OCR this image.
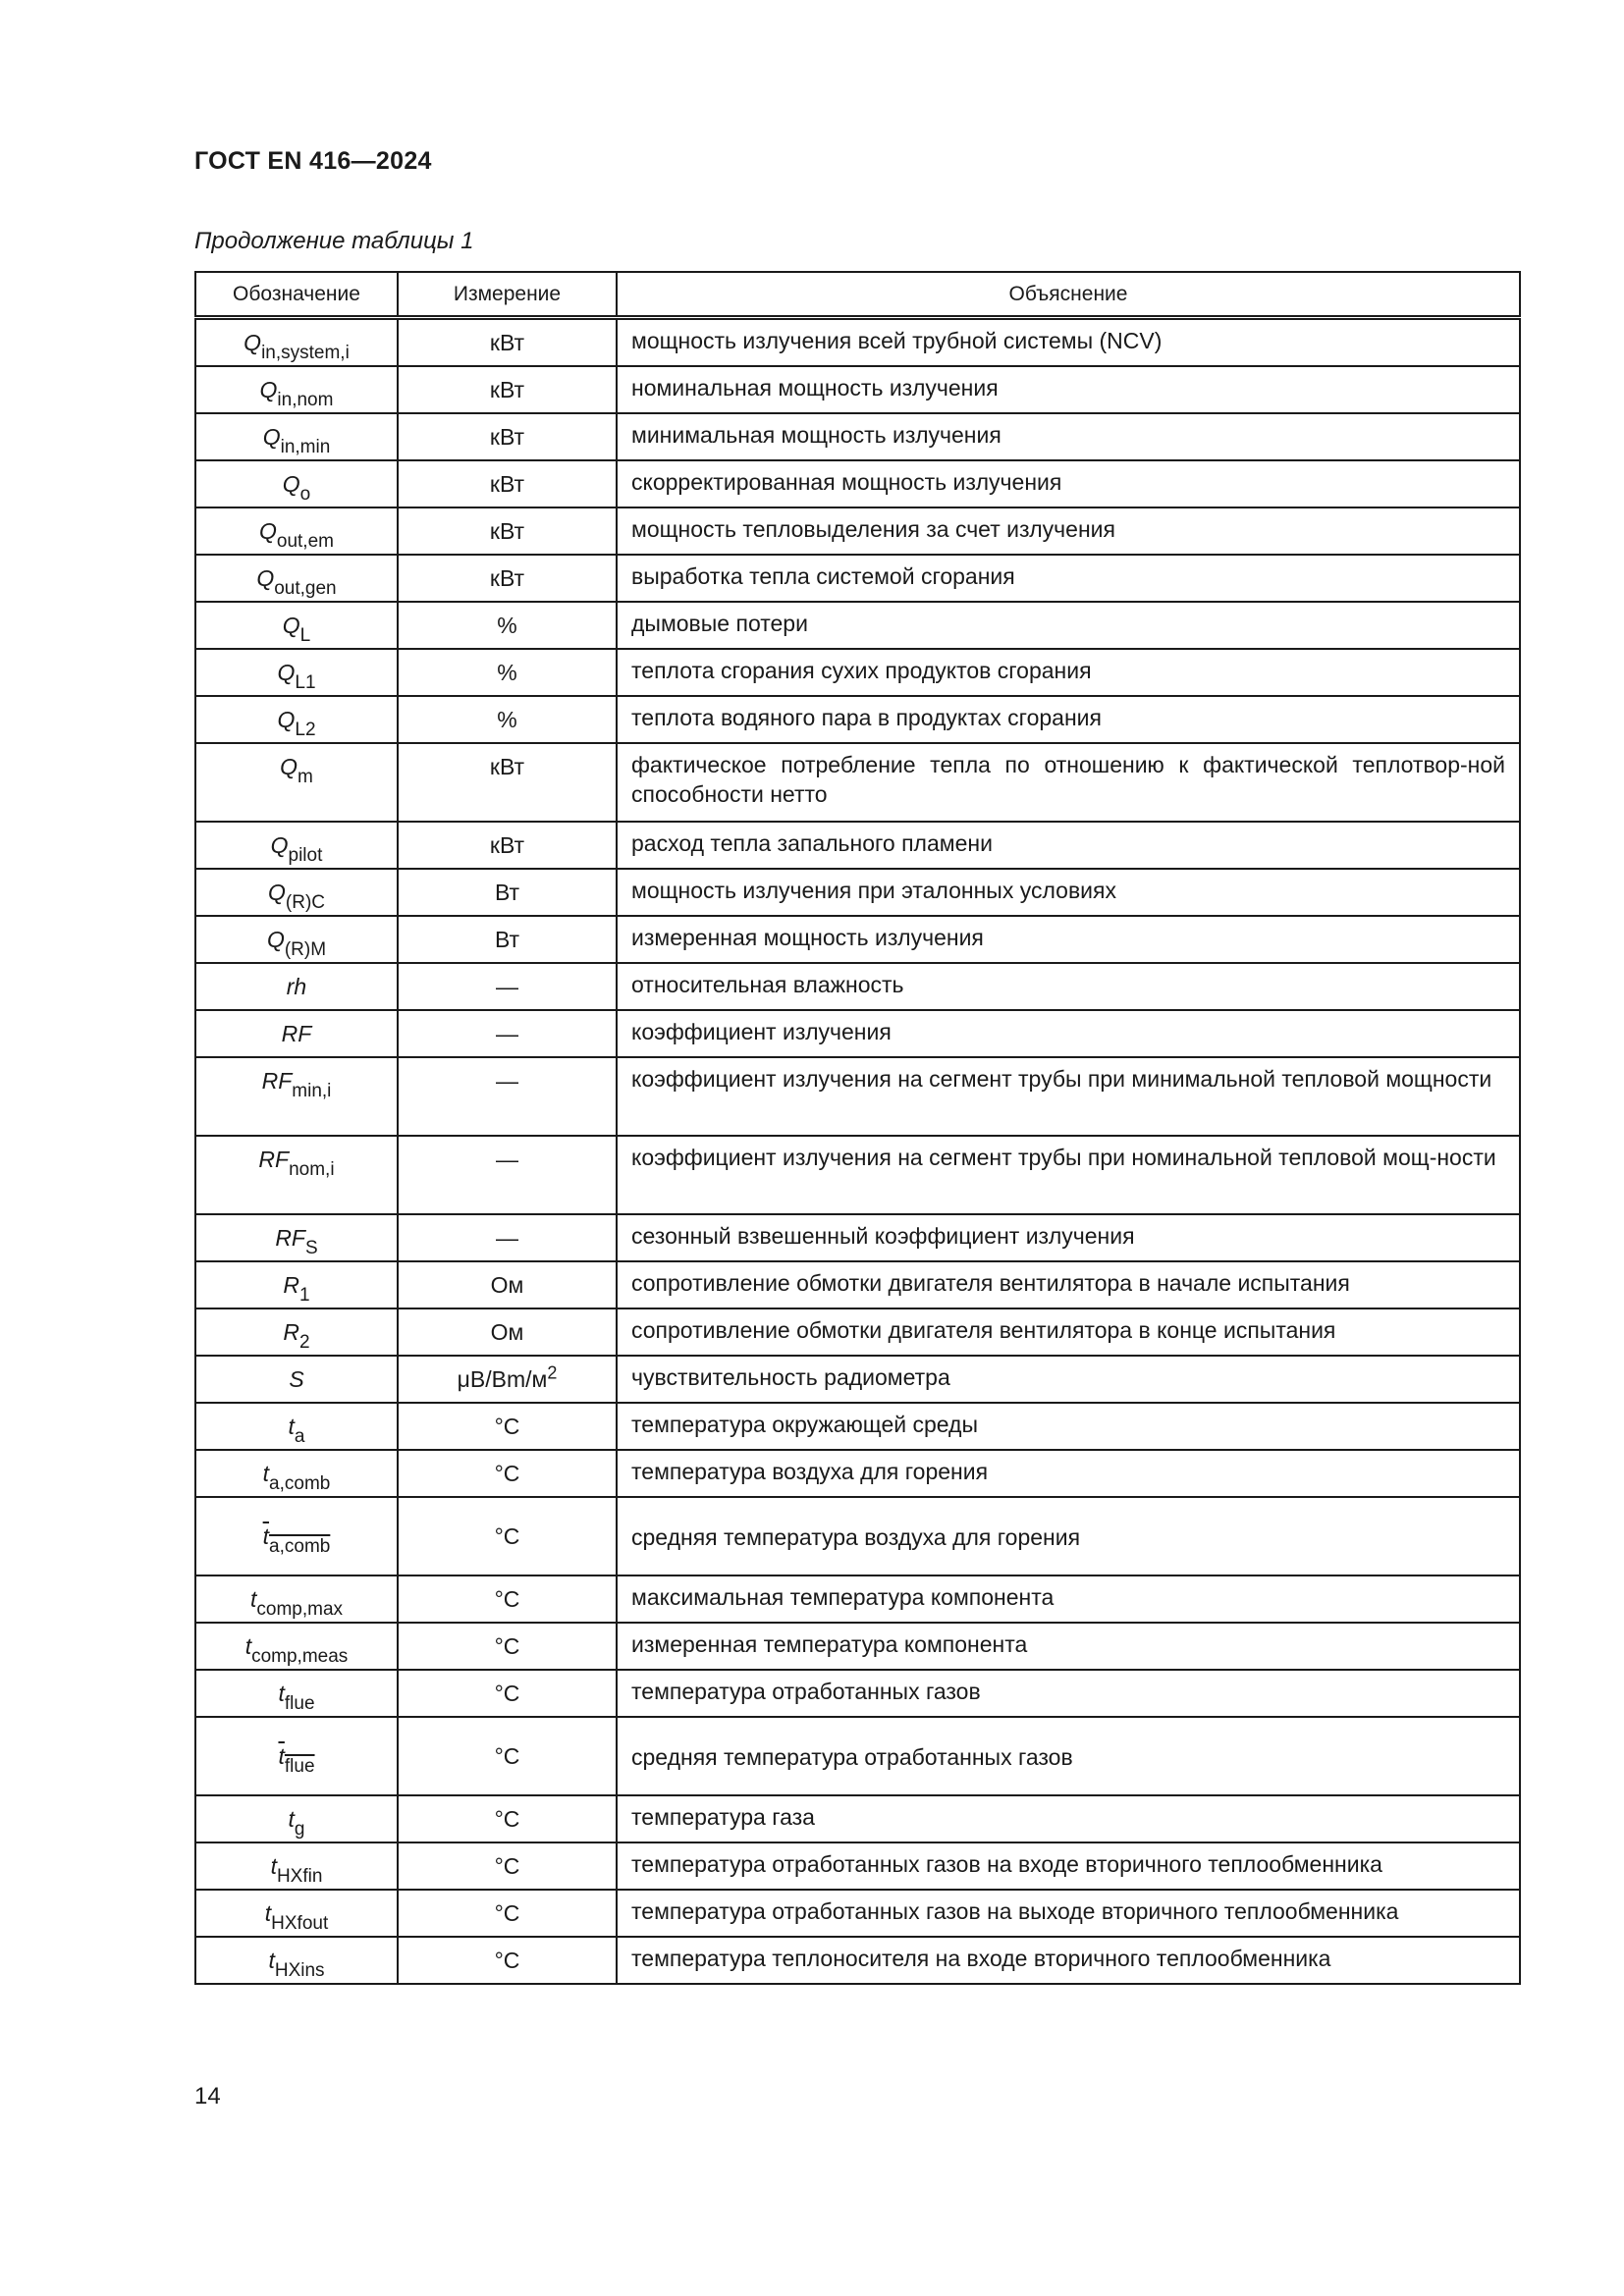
ГОСТ EN 416—2024
Продолжение таблицы 1
Обозначение	Измерение	Объяснение
$Q_{in,system,i}$	кВт	мощность излучения всей трубной системы (NCV)
$Q_{in,nom}$	кВт	номинальная мощность излучения
$Q_{in,min}$	кВт	минимальная мощность излучения
$Q_o$	кВт	скорректированная мощность излучения
$Q_{out,em}$	кВт	мощность тепловыделения за счет излучения
$Q_{out,gen}$	кВт	выработка тепла системой сгорания
$Q_L$	%	дымовые потери
$Q_{L1}$	%	теплота сгорания сухих продуктов сгорания
$Q_{L2}$	%	теплота водяного пара в продуктах сгорания
$Q_m$	кВт	фактическое потребление тепла по отношению к фактической теплотвор-ной способности нетто
$Q_{pilot}$	кВт	расход тепла запального пламени
$Q_{(R)C}$	Вт	мощность излучения при эталонных условиях
$Q_{(R)M}$	Вт	измеренная мощность излучения
rh	—	относительная влажность
RF	—	коэффициент излучения
$RF_{min,i}$	—	коэффициент излучения на сегмент трубы при минимальной тепловой мощности
$RF_{nom,i}$	—	коэффициент излучения на сегмент трубы при номинальной тепловой мощ-ности
$RF_S$	—	сезонный взвешенный коэффициент излучения
$R_1$	Ом	сопротивление обмотки двигателя вентилятора в начале испытания
$R_2$	Ом	сопротивление обмотки двигателя вентилятора в конце испытания
S	$\mu B/Bm/м^2$	чувствительность радиометра
$t_a$	°C	температура окружающей среды
$t_{a,comb}$	°C	температура воздуха для горения
$t_{a,comb}$	°C	средняя температура воздуха для горения
$t_{comp,max}$	°C	максимальная температура компонента
$t_{comp,meas}$	°C	измеренная температура компонента
$t_{flue}$	°C	температура отработанных газов
$t_{flue}$	°C	средняя температура отработанных газов
$t_g$	°C	температура газа
$t_{HXfin}$	°C	температура отработанных газов на входе вторичного теплообменника
$t_{HXfout}$	°C	температура отработанных газов на выходе вторичного теплообменника
$t_{HXins}$	°C	температура теплоносителя на входе вторичного теплообменника
14
